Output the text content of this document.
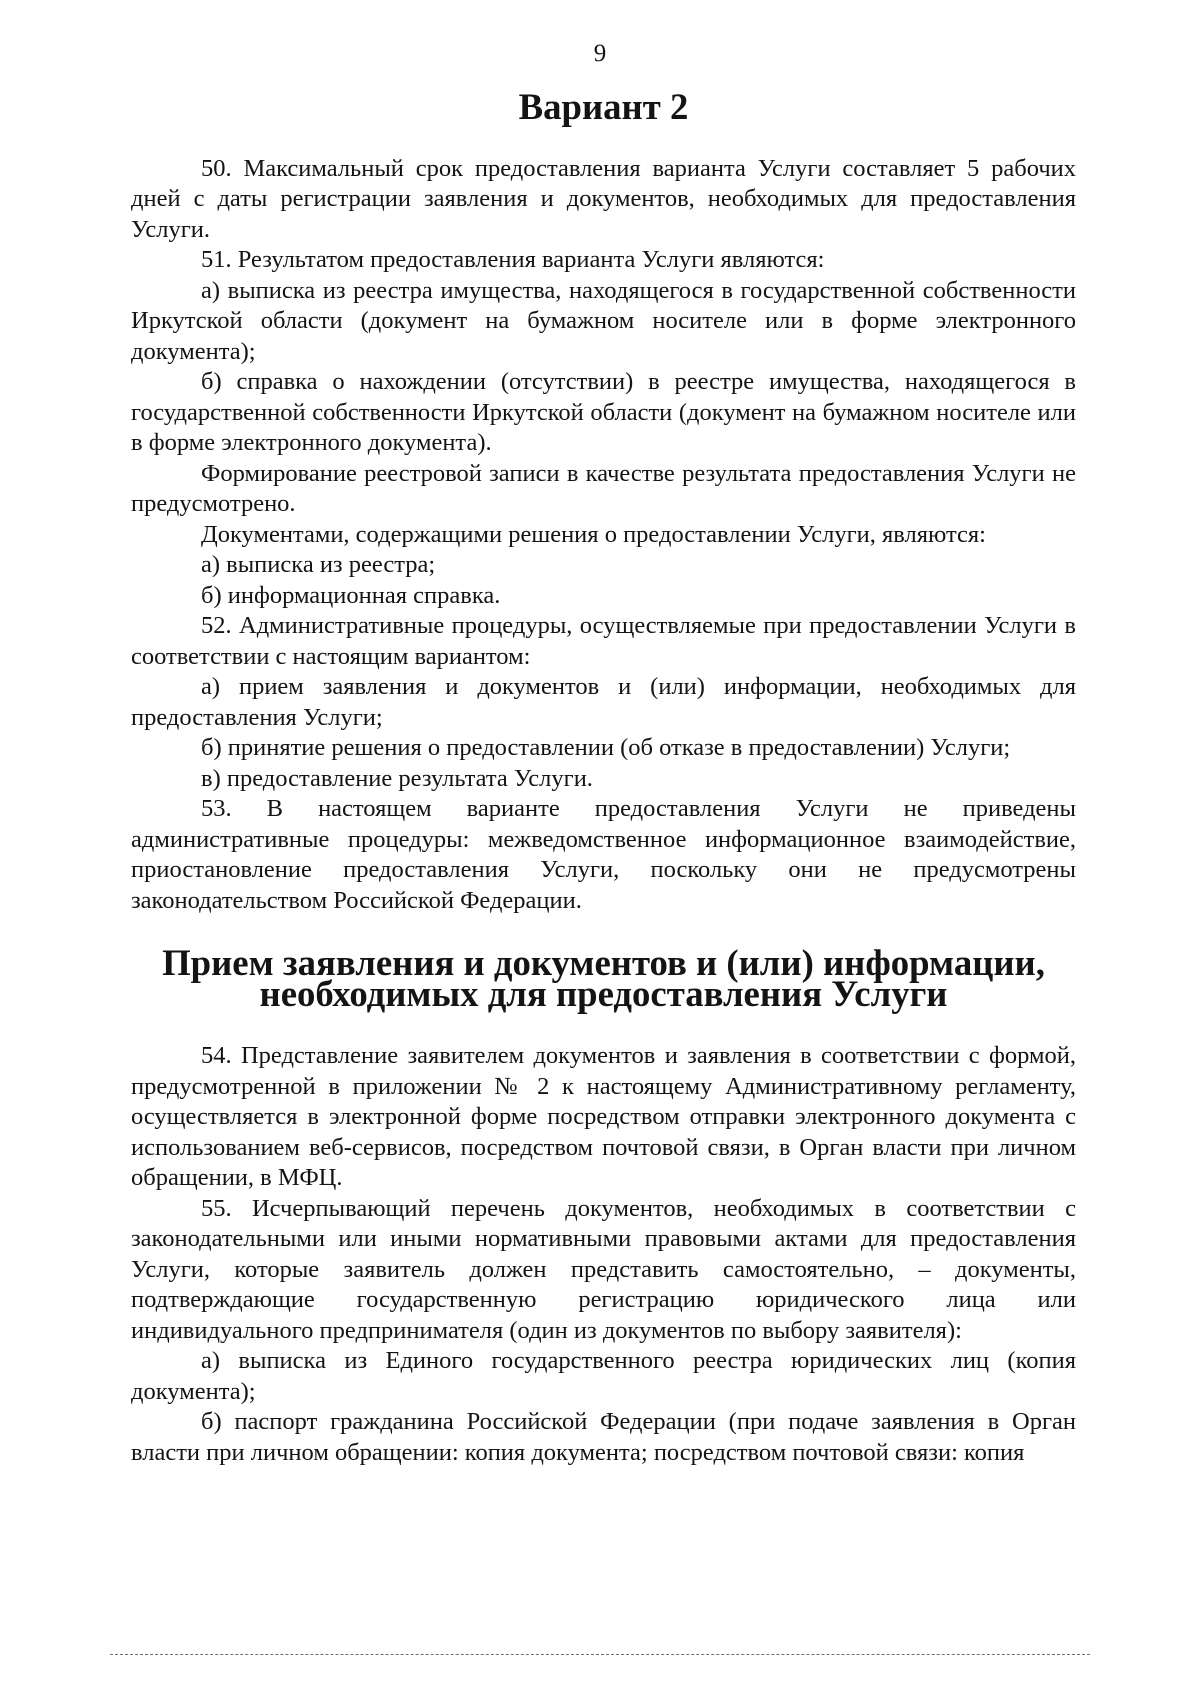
9
Вариант 2

50. Максимальный срок предоставления варианта Услуги составляет 5 рабочих дней с даты регистрации заявления и документов, необходимых для предоставления Услуги.

51. Результатом предоставления варианта Услуги являются:

а) выписка из реестра имущества, находящегося в государственной собственности Иркутской области (документ на бумажном носителе или в форме электронного документа);

б) справка о нахождении (отсутствии) в реестре имущества, находящегося в государственной собственности Иркутской области (документ на бумажном носителе или в форме электронного документа).

Формирование реестровой записи в качестве результата предоставления Услуги не предусмотрено.

Документами, содержащими решения о предоставлении Услуги, являются:

а) выписка из реестра;

б) информационная справка.

52. Административные процедуры, осуществляемые при предоставлении Услуги в соответствии с настоящим вариантом:

а) прием заявления и документов и (или) информации, необходимых для предоставления Услуги;

б) принятие решения о предоставлении (об отказе в предоставлении) Услуги;

в) предоставление результата Услуги.

53. В настоящем варианте предоставления Услуги не приведены административные процедуры: межведомственное информационное взаимодействие, приостановление предоставления Услуги, поскольку они не предусмотрены законодательством Российской Федерации.

Прием заявления и документов и (или) информации, необходимых для предоставления Услуги

54. Представление заявителем документов и заявления в соответствии с формой, предусмотренной в приложении № 2 к настоящему Административному регламенту, осуществляется в электронной форме посредством отправки электронного документа с использованием веб-сервисов, посредством почтовой связи, в Орган власти при личном обращении, в МФЦ.

55. Исчерпывающий перечень документов, необходимых в соответствии с законодательными или иными нормативными правовыми актами для предоставления Услуги, которые заявитель должен представить самостоятельно, – документы, подтверждающие государственную регистрацию юридического лица или индивидуального предпринимателя (один из документов по выбору заявителя):

а) выписка из Единого государственного реестра юридических лиц (копия документа);

б) паспорт гражданина Российской Федерации (при подаче заявления в Орган власти при личном обращении: копия документа; посредством почтовой связи: копия
